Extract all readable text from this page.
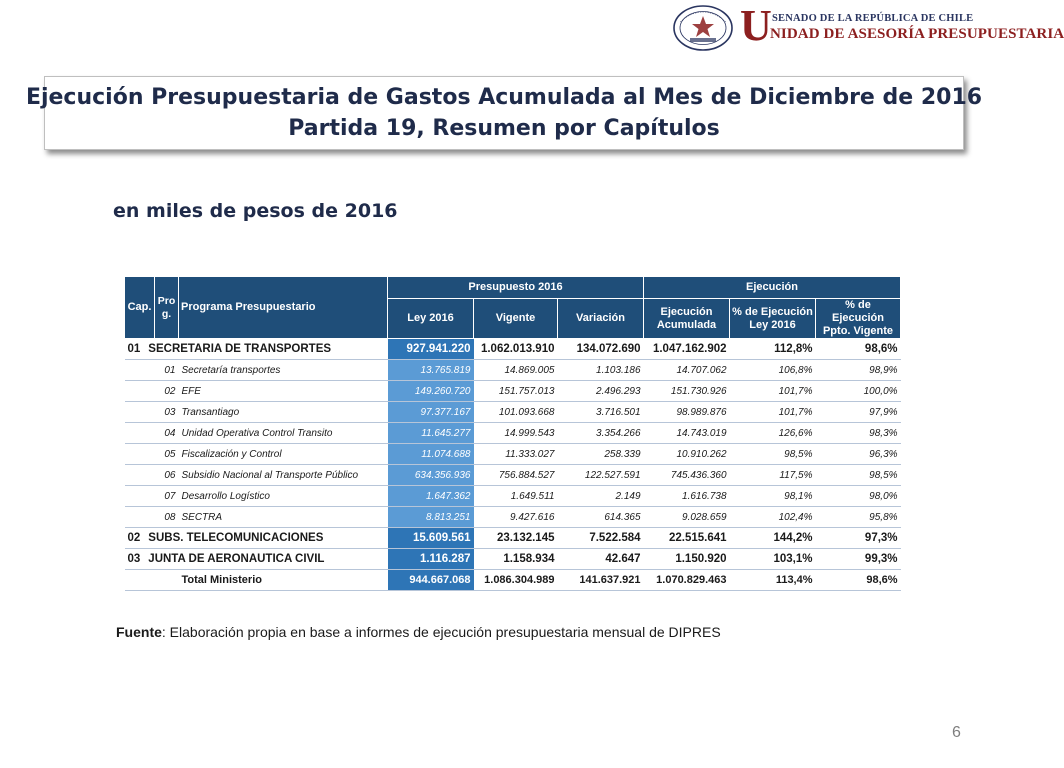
U SENADO DE LA REPÚBLICA DE CHILE
NIDAD DE ASESORÍA PRESUPUESTARIA
Ejecución Presupuestaria de Gastos Acumulada al Mes de Diciembre de 2016
Partida 19, Resumen por Capítulos
en miles de pesos de 2016
Cap.	Pro g.	Programa Presupuestario	Presupuesto 2016			Ejecución		
			Ley 2016	Vigente	Variación	Ejecución Acumulada	% de Ejecución Ley 2016	% de Ejecución Ppto. Vigente
01 SECRETARIA DE TRANSPORTES			927.941.220	1.062.013.910	134.072.690	1.047.162.902	112,8%	98,6%
	01	Secretaría transportes	13.765.819	14.869.005	1.103.186	14.707.062	106,8%	98,9%
	02	EFE	149.260.720	151.757.013	2.496.293	151.730.926	101,7%	100,0%
	03	Transantiago	97.377.167	101.093.668	3.716.501	98.989.876	101,7%	97,9%
	04	Unidad Operativa Control Transito	11.645.277	14.999.543	3.354.266	14.743.019	126,6%	98,3%
	05	Fiscalización y Control	11.074.688	11.333.027	258.339	10.910.262	98,5%	96,3%
	06	Subsidio Nacional al Transporte Público	634.356.936	756.884.527	122.527.591	745.436.360	117,5%	98,5%
	07	Desarrollo Logístico	1.647.362	1.649.511	2.149	1.616.738	98,1%	98,0%
	08	SECTRA	8.813.251	9.427.616	614.365	9.028.659	102,4%	95,8%
02 SUBS. TELECOMUNICACIONES			15.609.561	23.132.145	7.522.584	22.515.641	144,2%	97,3%
03 JUNTA DE AERONAUTICA CIVIL			1.116.287	1.158.934	42.647	1.150.920	103,1%	99,3%
		Total Ministerio	944.667.068	1.086.304.989	141.637.921	1.070.829.463	113,4%	98,6%
Fuente: Elaboración propia en base a informes de ejecución presupuestaria mensual de DIPRES
6
